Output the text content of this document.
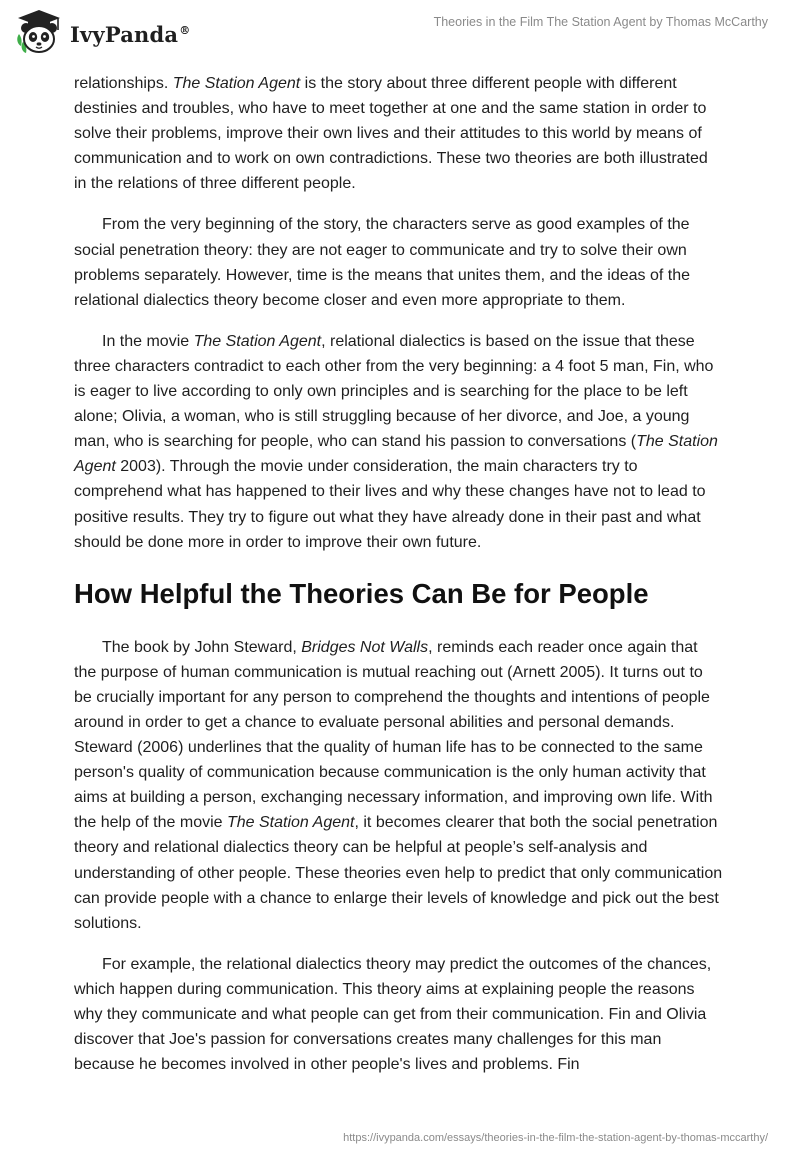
IvyPanda®
Theories in the Film The Station Agent by Thomas McCarthy

relationships. The Station Agent is the story about three different people with different destinies and troubles, who have to meet together at one and the same station in order to solve their problems, improve their own lives and their attitudes to this world by means of communication and to work on own contradictions. These two theories are both illustrated in the relations of three different people.

From the very beginning of the story, the characters serve as good examples of the social penetration theory: they are not eager to communicate and try to solve their own problems separately. However, time is the means that unites them, and the ideas of the relational dialectics theory become closer and even more appropriate to them.

In the movie The Station Agent, relational dialectics is based on the issue that these three characters contradict to each other from the very beginning: a 4 foot 5 man, Fin, who is eager to live according to only own principles and is searching for the place to be left alone; Olivia, a woman, who is still struggling because of her divorce, and Joe, a young man, who is searching for people, who can stand his passion to conversations (The Station Agent 2003). Through the movie under consideration, the main characters try to comprehend what has happened to their lives and why these changes have not to lead to positive results. They try to figure out what they have already done in their past and what should be done more in order to improve their own future.

How Helpful the Theories Can Be for People

The book by John Steward, Bridges Not Walls, reminds each reader once again that the purpose of human communication is mutual reaching out (Arnett 2005). It turns out to be crucially important for any person to comprehend the thoughts and intentions of people around in order to get a chance to evaluate personal abilities and personal demands. Steward (2006) underlines that the quality of human life has to be connected to the same person's quality of communication because communication is the only human activity that aims at building a person, exchanging necessary information, and improving own life. With the help of the movie The Station Agent, it becomes clearer that both the social penetration theory and relational dialectics theory can be helpful at people’s self-analysis and understanding of other people. These theories even help to predict that only communication can provide people with a chance to enlarge their levels of knowledge and pick out the best solutions.

For example, the relational dialectics theory may predict the outcomes of the chances, which happen during communication. This theory aims at explaining people the reasons why they communicate and what people can get from their communication. Fin and Olivia discover that Joe's passion for conversations creates many challenges for this man because he becomes involved in other people's lives and problems. Fin

https://ivypanda.com/essays/theories-in-the-film-the-station-agent-by-thomas-mccarthy/
